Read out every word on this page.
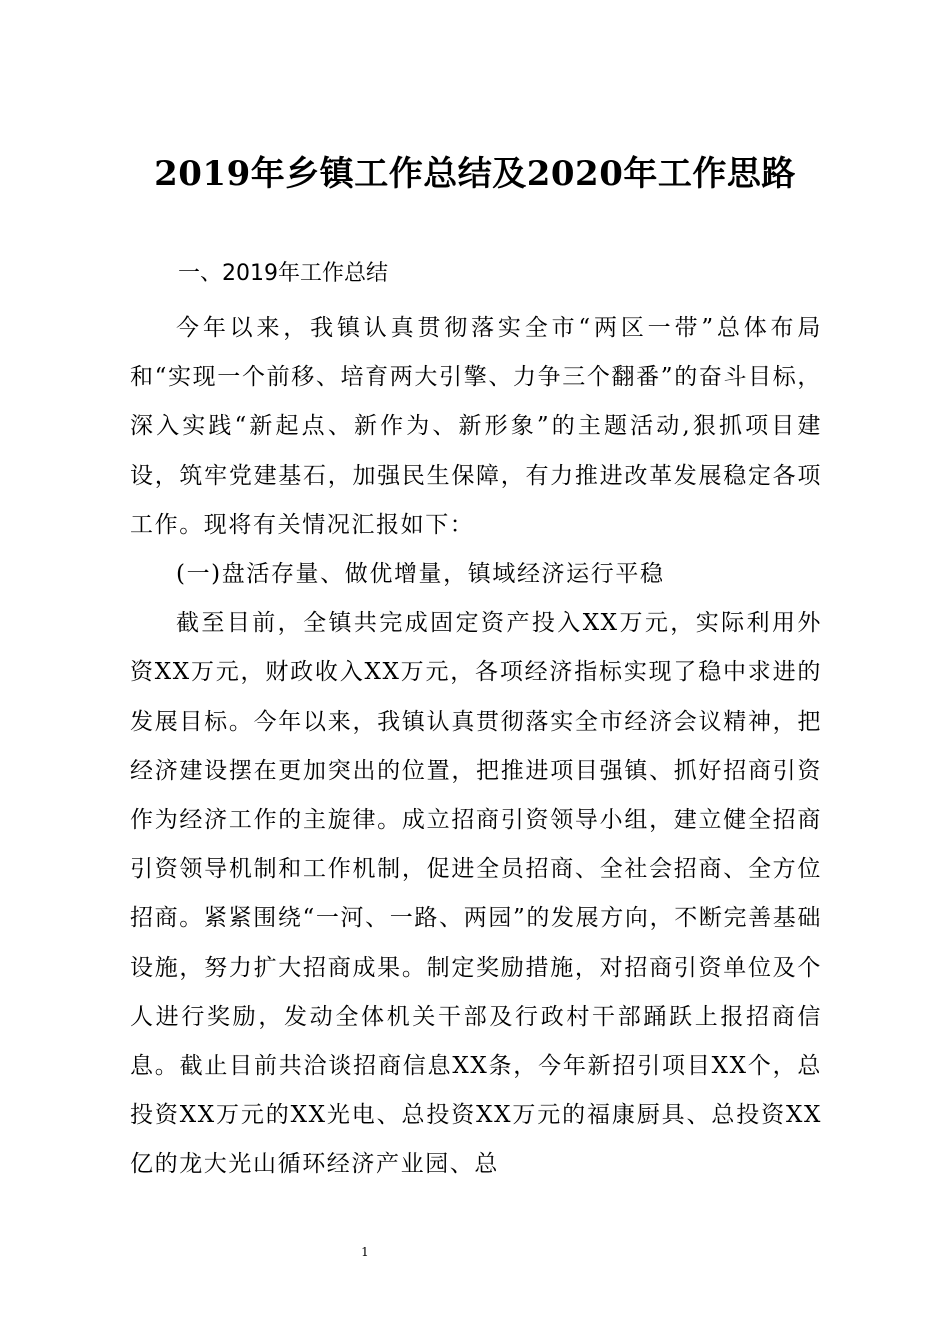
2019年乡镇工作总结及2020年工作思路
一、2019年工作总结

今年以来，我镇认真贯彻落实全市“两区一带”总体布局和“实现一个前移、培育两大引擎、力争三个翻番”的奋斗目标，深入实践“新起点、新作为、新形象”的主题活动,狠抓项目建设，筑牢党建基石，加强民生保障，有力推进改革发展稳定各项工作。现将有关情况汇报如下：

(一)盘活存量、做优增量，镇域经济运行平稳

截至目前，全镇共完成固定资产投入XX万元，实际利用外资XX万元，财政收入XX万元，各项经济指标实现了稳中求进的发展目标。今年以来，我镇认真贯彻落实全市经济会议精神，把经济建设摆在更加突出的位置，把推进项目强镇、抓好招商引资作为经济工作的主旋律。成立招商引资领导小组，建立健全招商引资领导机制和工作机制，促进全员招商、全社会招商、全方位招商。紧紧围绕“一河、一路、两园”的发展方向，不断完善基础设施，努力扩大招商成果。制定奖励措施，对招商引资单位及个人进行奖励，发动全体机关干部及行政村干部踊跃上报招商信息。截止目前共洽谈招商信息XX条，今年新招引项目XX个，总投资XX万元的XX光电、总投资XX万元的福康厨具、总投资XX亿的龙大光山循环经济产业园、总

1
